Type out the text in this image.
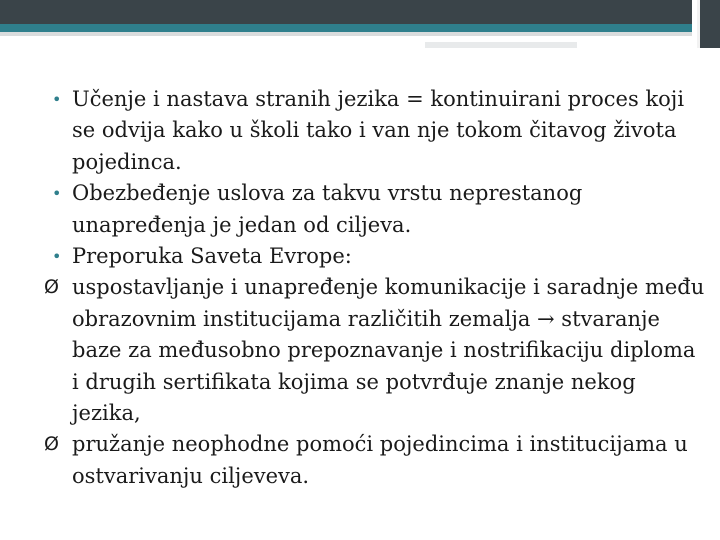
• Učenje i nastava stranih jezika = kontinuirani proces koji se odvija kako u školi tako i van nje tokom čitavog života pojedinca.

• Obezbeđenje uslova za takvu vrstu neprestanog unapređenja je jedan od ciljeva.

• Preporuka Saveta Evrope:

Ø uspostavljanje i unapređenje komunikacije i saradnje među obrazovnim institucijama različitih zemalja → stvaranje baze za međusobno prepoznavanje i nostrifikaciju diploma i drugih sertifikata kojima se potvrđuje znanje nekog jezika,

Ø pružanje neophodne pomoći pojedincima i institucijama u ostvarivanju ciljeveva.
